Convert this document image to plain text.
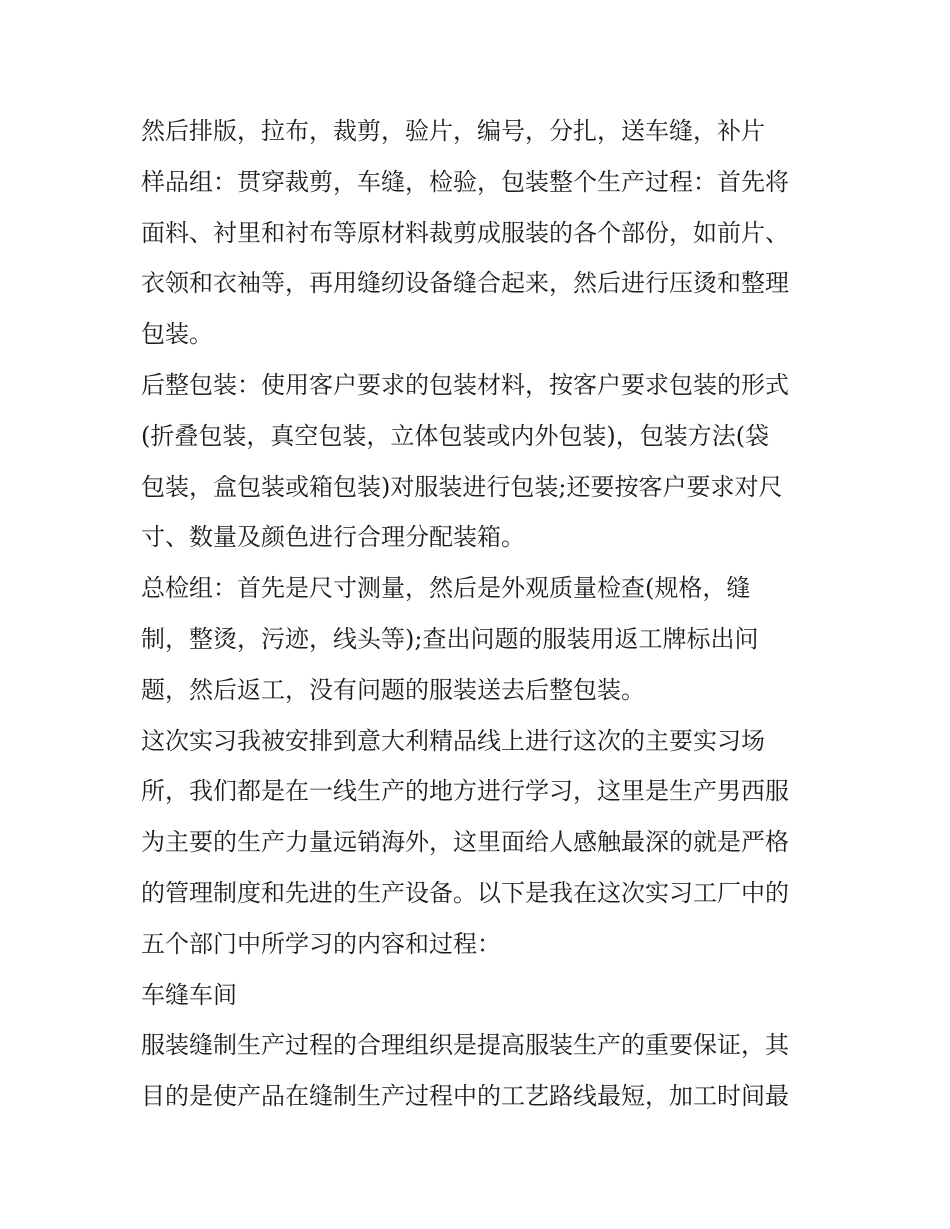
然后排版，拉布，裁剪，验片，编号，分扎，送车缝，补片
样品组：贯穿裁剪，车缝，检验，包装整个生产过程：首先将
面料、衬里和衬布等原材料裁剪成服装的各个部份，如前片、
衣领和衣袖等，再用缝纫设备缝合起来，然后进行压烫和整理
包装。
后整包装：使用客户要求的包装材料，按客户要求包装的形式
(折叠包装，真空包装，立体包装或内外包装)，包装方法(袋
包装，盒包装或箱包装)对服装进行包装;还要按客户要求对尺
寸、数量及颜色进行合理分配装箱。
总检组：首先是尺寸测量，然后是外观质量检查(规格，缝
制，整烫，污迹，线头等);查出问题的服装用返工牌标出问
题，然后返工，没有问题的服装送去后整包装。
这次实习我被安排到意大利精品线上进行这次的主要实习场
所，我们都是在一线生产的地方进行学习，这里是生产男西服
为主要的生产力量远销海外，这里面给人感触最深的就是严格
的管理制度和先进的生产设备。以下是我在这次实习工厂中的
五个部门中所学习的内容和过程：
车缝车间
服装缝制生产过程的合理组织是提高服装生产的重要保证，其
目的是使产品在缝制生产过程中的工艺路线最短，加工时间最
